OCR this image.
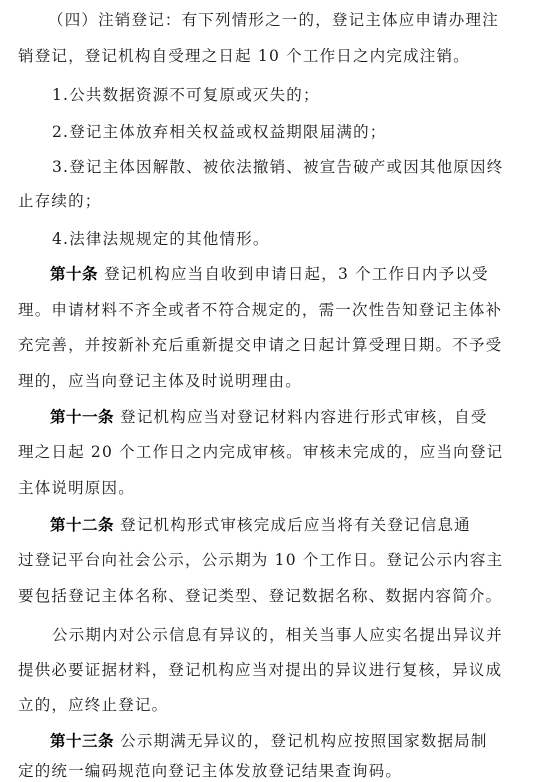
（四）注销登记：有下列情形之一的，登记主体应申请办理注
销登记，登记机构自受理之日起 10 个工作日之内完成注销。
1.公共数据资源不可复原或灭失的；
2.登记主体放弃相关权益或权益期限届满的；
3.登记主体因解散、被依法撤销、被宣告破产或因其他原因终
止存续的；
4.法律法规规定的其他情形。
第十条 登记机构应当自收到申请日起，3 个工作日内予以受
理。申请材料不齐全或者不符合规定的，需一次性告知登记主体补
充完善，并按新补充后重新提交申请之日起计算受理日期。不予受
理的，应当向登记主体及时说明理由。
第十一条 登记机构应当对登记材料内容进行形式审核，自受
理之日起 20 个工作日之内完成审核。审核未完成的，应当向登记
主体说明原因。
第十二条 登记机构形式审核完成后应当将有关登记信息通
过登记平台向社会公示，公示期为 10 个工作日。登记公示内容主
要包括登记主体名称、登记类型、登记数据名称、数据内容简介。
公示期内对公示信息有异议的，相关当事人应实名提出异议并
提供必要证据材料，登记机构应当对提出的异议进行复核，异议成
立的，应终止登记。
第十三条 公示期满无异议的，登记机构应按照国家数据局制
定的统一编码规范向登记主体发放登记结果查询码。
